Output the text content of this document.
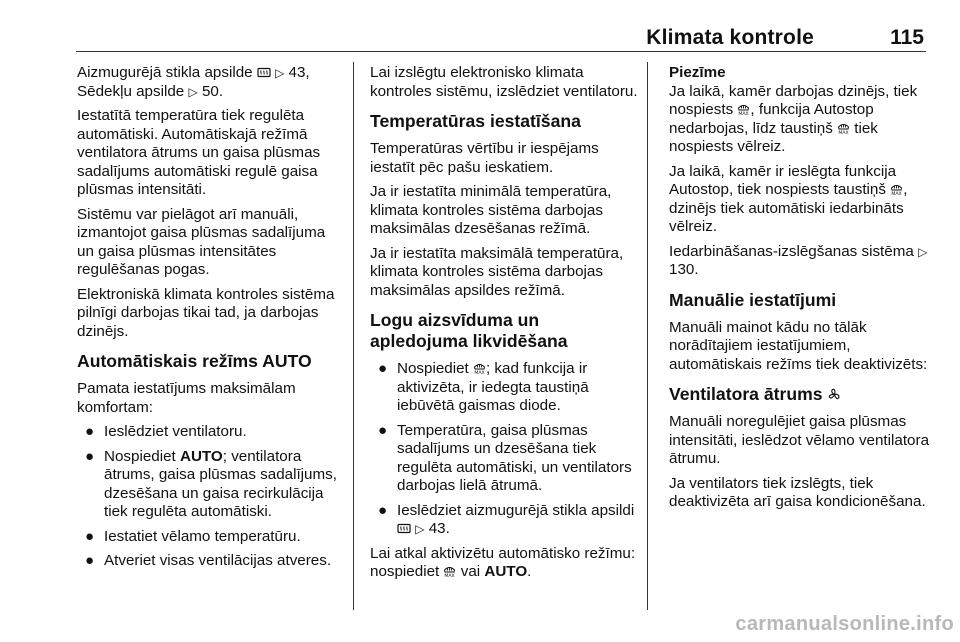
Klimata kontrole	115

Aizmugurējā stikla apsilde ▷ 43,
Sēdekļu apsilde ▷ 50.

Iestatītā temperatūra tiek regulēta automātiski. Automātiskajā režīmā ventilatora ātrums un gaisa plūsmas sadalījums automātiski regulē gaisa plūsmas intensitāti.

Sistēmu var pielāgot arī manuāli, izmantojot gaisa plūsmas sadalījuma un gaisa plūsmas intensitātes regulēšanas pogas.

Elektroniskā klimata kontroles sistēma pilnīgi darbojas tikai tad, ja darbojas dzinējs.

Automātiskais režīms AUTO

Pamata iestatījums maksimālam komfortam:

● Ieslēdziet ventilatoru.
● Nospiediet AUTO; ventilatora ātrums, gaisa plūsmas sadalījums, dzesēšana un gaisa recirkulācija tiek regulēta automātiski.
● Iestatiet vēlamo temperatūru.
● Atveriet visas ventilācijas atveres.

Lai izslēgtu elektronisko klimata kontroles sistēmu, izslēdziet ventilatoru.

Temperatūras iestatīšana

Temperatūras vērtību ir iespējams iestatīt pēc pašu ieskatiem.

Ja ir iestatīta minimālā temperatūra, klimata kontroles sistēma darbojas maksimālas dzesēšanas režīmā.

Ja ir iestatīta maksimālā temperatūra, klimata kontroles sistēma darbojas maksimālas apsildes režīmā.

Logu aizsvīduma un apledojuma likvidēšana
● Nospiediet MAX ; kad funkcija ir aktivizēta, ir iedegta taustiņā iebūvētā gaismas diode.
● Temperatūra, gaisa plūsmas sadalījums un dzesēšana tiek regulēta automātiski, un ventilators darbojas lielā ātrumā.
● Ieslēdziet aizmugurējā stikla apsildi  ▷ 43.

Lai atkal aktivizētu automātisko režīmu: nospiediet MAX vai AUTO.

Piezīme

Ja laikā, kamēr darbojas dzinējs, tiek nospiests MAX , funkcija Autostop nedarbojas, līdz taustiņš MAX tiek nospiests vēlreiz.

Ja laikā, kamēr ir ieslēgta funkcija Autostop, tiek nospiests taustiņš MAX , dzinējs tiek automātiski iedarbināts vēlreiz.

Iedarbināšanas-izslēgšanas sistēma ▷ 130.

Manuālie iestatījumi

Manuāli mainot kādu no tālāk norādītajiem iestatījumiem, automātiskais režīms tiek deaktivizēts:

Ventilatora ātrums

Manuāli noregulējiet gaisa plūsmas intensitāti, ieslēdzot vēlamo ventilatora ātrumu.

Ja ventilators tiek izslēgts, tiek deaktivizēta arī gaisa kondicionēšana.

carmanualsonline.info
